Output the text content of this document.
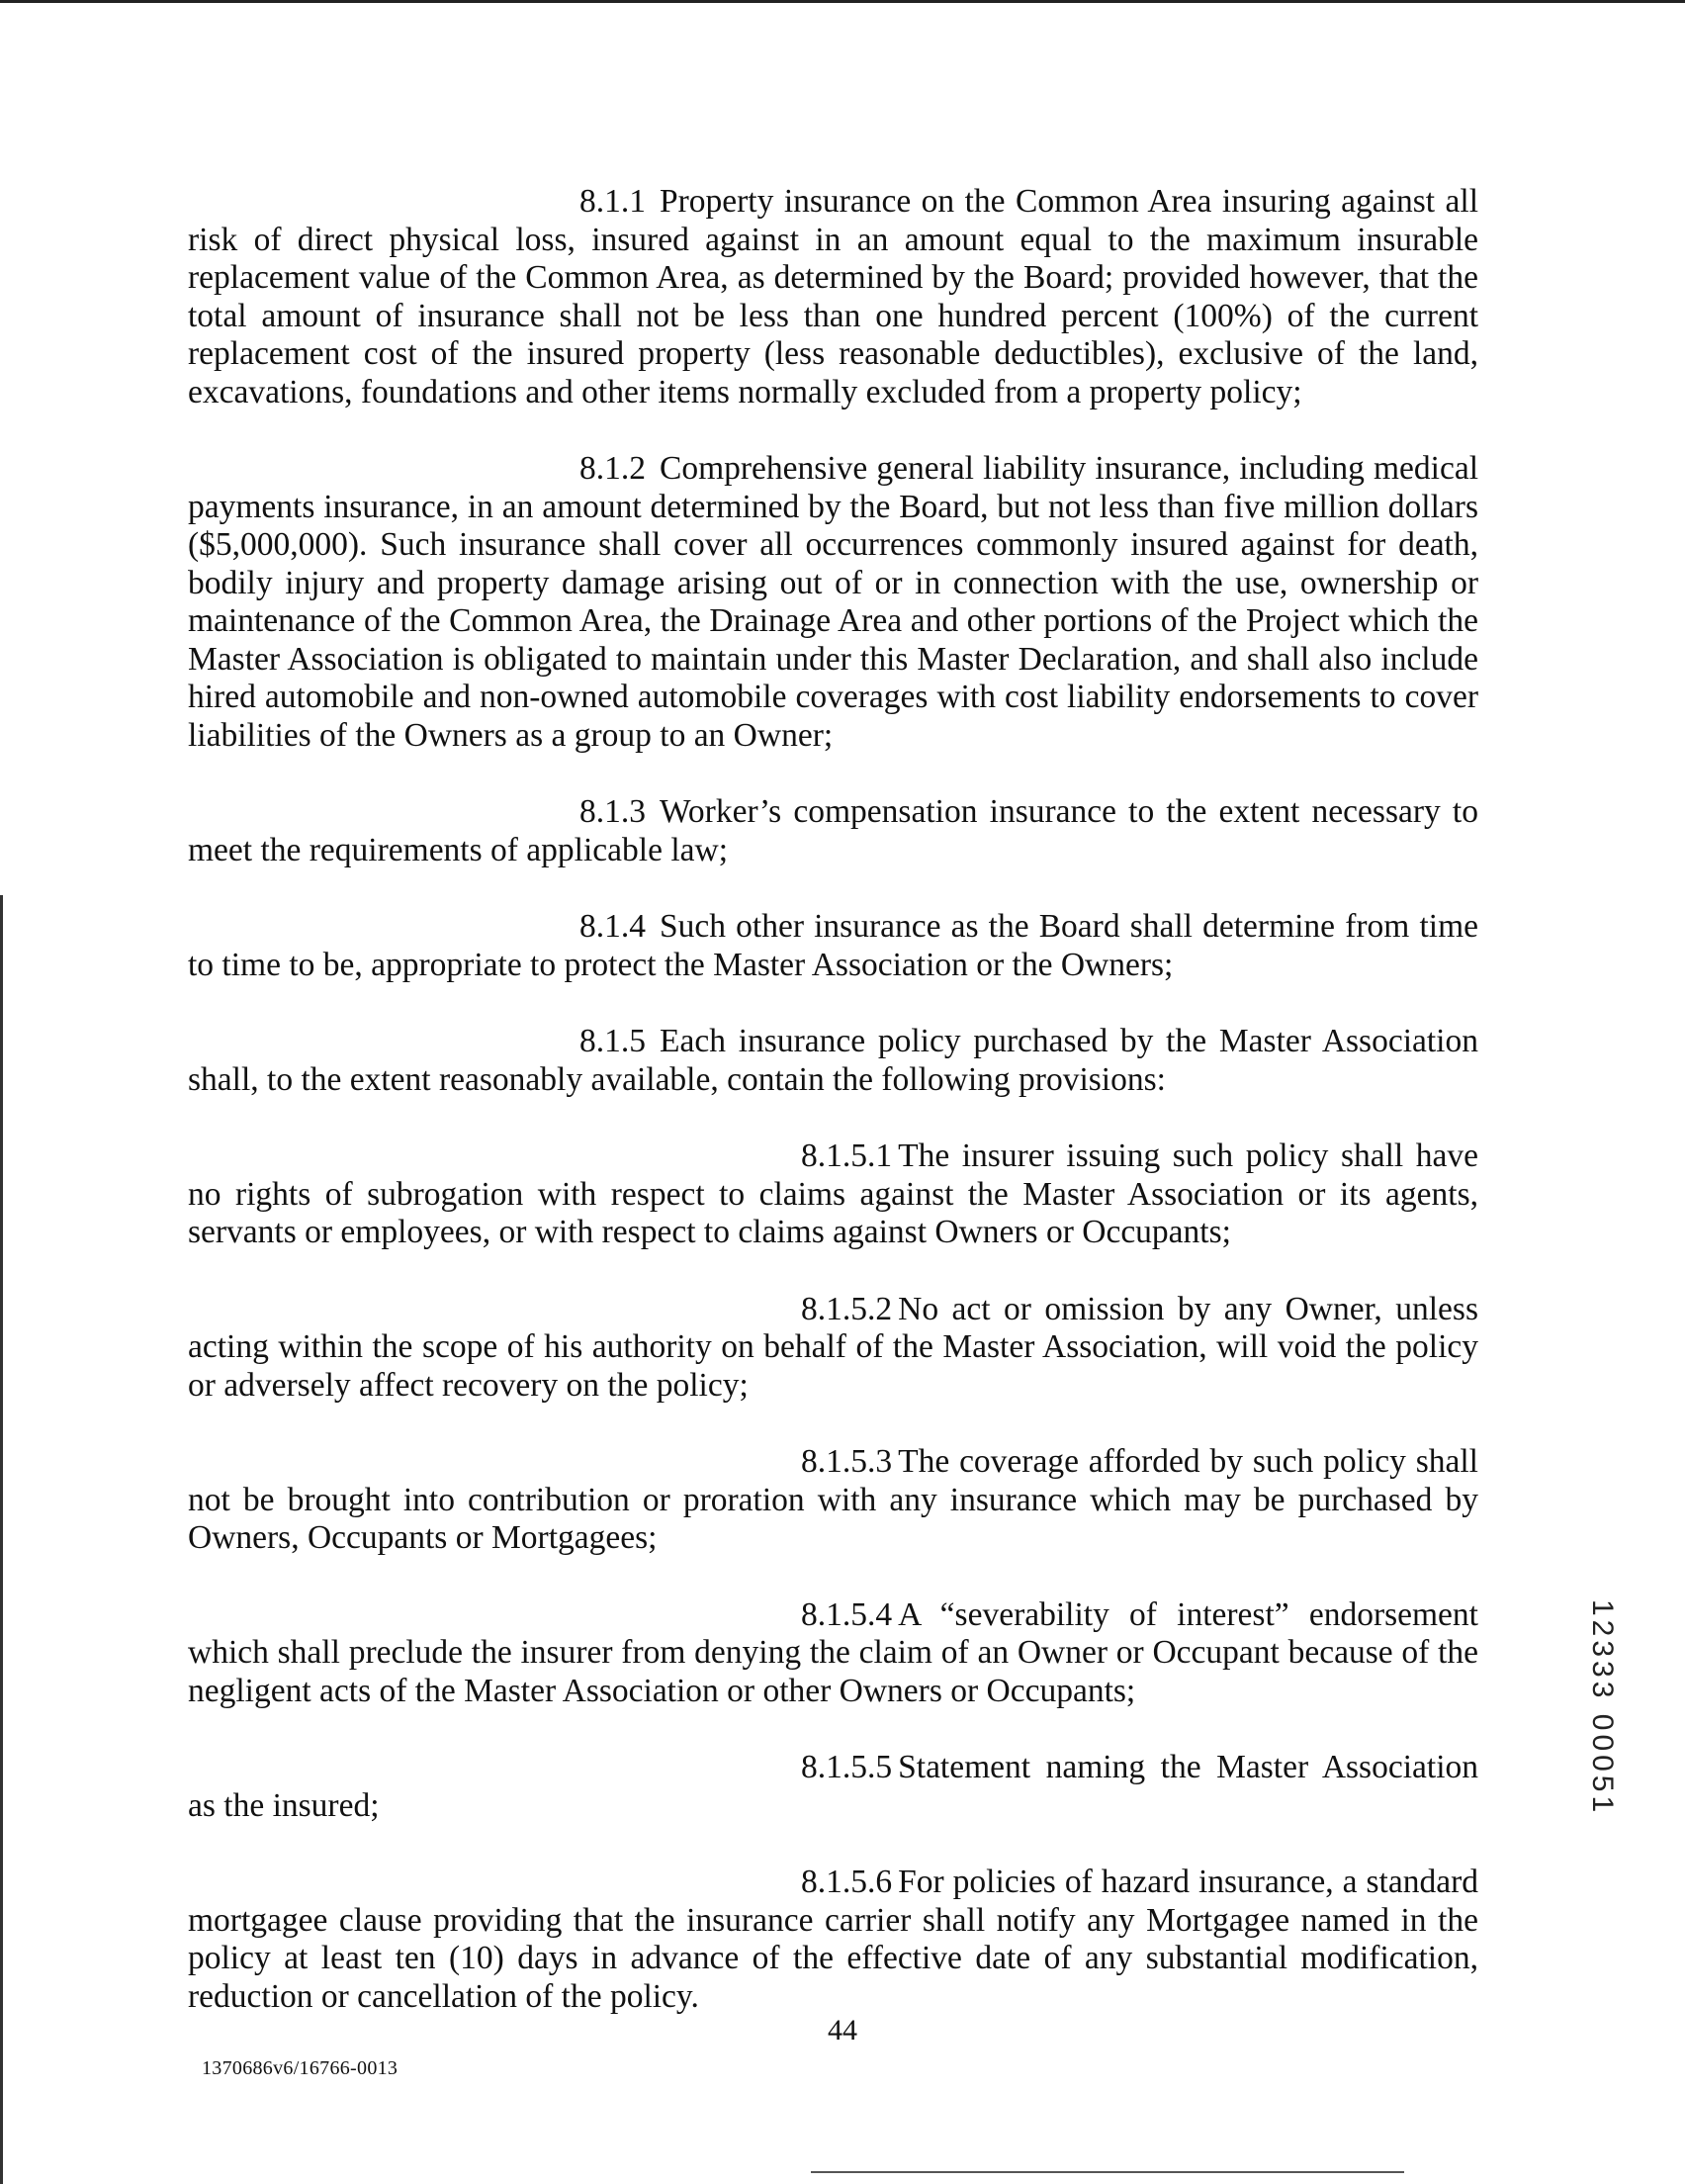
8.1.1 Property insurance on the Common Area insuring against all risk of direct physical loss, insured against in an amount equal to the maximum insurable replacement value of the Common Area, as determined by the Board; provided however, that the total amount of insurance shall not be less than one hundred percent (100%) of the current replacement cost of the insured property (less reasonable deductibles), exclusive of the land, excavations, foundations and other items normally excluded from a property policy;

8.1.2 Comprehensive general liability insurance, including medical payments insurance, in an amount determined by the Board, but not less than five million dollars ($5,000,000). Such insurance shall cover all occurrences commonly insured against for death, bodily injury and property damage arising out of or in connection with the use, ownership or maintenance of the Common Area, the Drainage Area and other portions of the Project which the Master Association is obligated to maintain under this Master Declaration, and shall also include hired automobile and non-owned automobile coverages with cost liability endorsements to cover liabilities of the Owners as a group to an Owner;

8.1.3 Worker’s compensation insurance to the extent necessary to meet the requirements of applicable law;

8.1.4 Such other insurance as the Board shall determine from time to time to be, appropriate to protect the Master Association or the Owners;

8.1.5 Each insurance policy purchased by the Master Association shall, to the extent reasonably available, contain the following provisions:

8.1.5.1 The insurer issuing such policy shall have no rights of subrogation with respect to claims against the Master Association or its agents, servants or employees, or with respect to claims against Owners or Occupants;

8.1.5.2 No act or omission by any Owner, unless acting within the scope of his authority on behalf of the Master Association, will void the policy or adversely affect recovery on the policy;

8.1.5.3 The coverage afforded by such policy shall not be brought into contribution or proration with any insurance which may be purchased by Owners, Occupants or Mortgagees;

8.1.5.4 A “severability of interest” endorsement which shall preclude the insurer from denying the claim of an Owner or Occupant because of the negligent acts of the Master Association or other Owners or Occupants;

8.1.5.5 Statement naming the Master Association as the insured;

8.1.5.6 For policies of hazard insurance, a standard mortgagee clause providing that the insurance carrier shall notify any Mortgagee named in the policy at least ten (10) days in advance of the effective date of any substantial modification, reduction or cancellation of the policy.

44
1370686v6/16766-0013
12333 00051
